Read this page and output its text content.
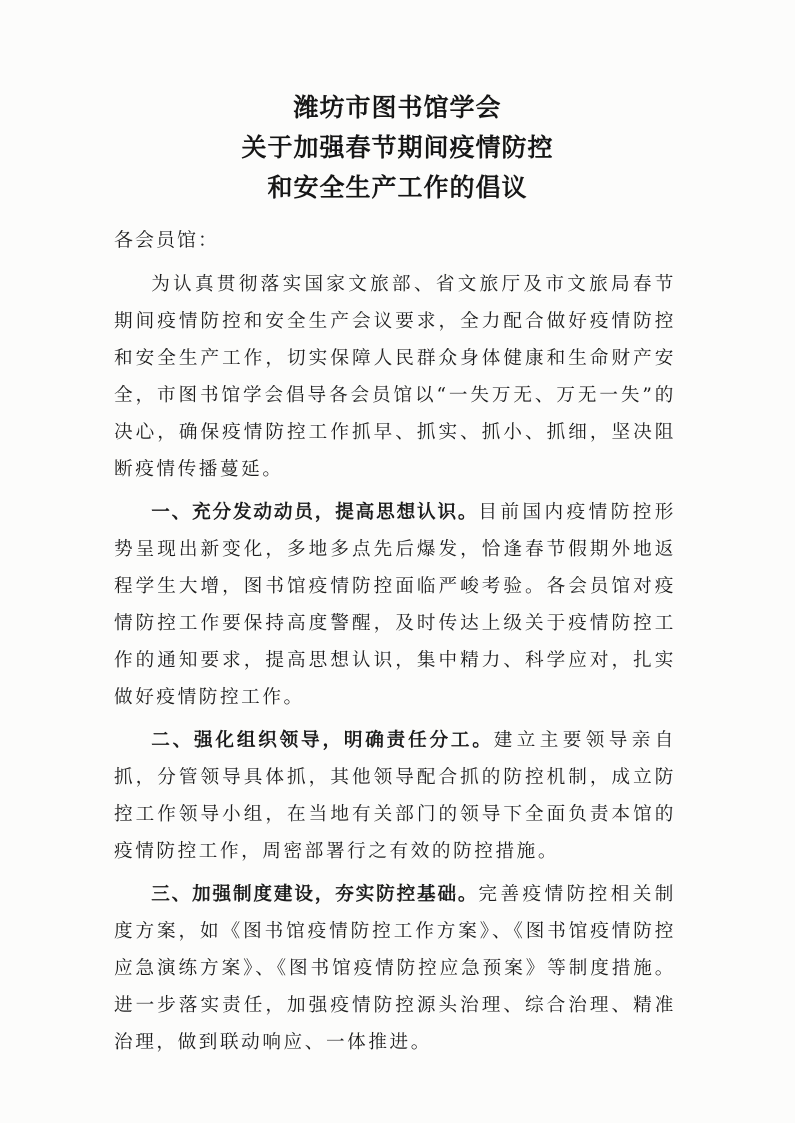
潍坊市图书馆学会
关于加强春节期间疫情防控
和安全生产工作的倡议
各会员馆：

为认真贯彻落实国家文旅部、省文旅厅及市文旅局春节期间疫情防控和安全生产会议要求，全力配合做好疫情防控和安全生产工作，切实保障人民群众身体健康和生命财产安全，市图书馆学会倡导各会员馆以“一失万无、万无一失”的决心，确保疫情防控工作抓早、抓实、抓小、抓细，坚决阻断疫情传播蔓延。

一、充分发动动员，提高思想认识。目前国内疫情防控形势呈现出新变化，多地多点先后爆发，恰逢春节假期外地返程学生大增，图书馆疫情防控面临严峻考验。各会员馆对疫情防控工作要保持高度警醒，及时传达上级关于疫情防控工作的通知要求，提高思想认识，集中精力、科学应对，扎实做好疫情防控工作。

二、强化组织领导，明确责任分工。建立主要领导亲自抓，分管领导具体抓，其他领导配合抓的防控机制，成立防控工作领导小组，在当地有关部门的领导下全面负责本馆的疫情防控工作，周密部署行之有效的防控措施。

三、加强制度建设，夯实防控基础。完善疫情防控相关制度方案，如《图书馆疫情防控工作方案》、《图书馆疫情防控应急演练方案》、《图书馆疫情防控应急预案》等制度措施。进一步落实责任，加强疫情防控源头治理、综合治理、精准治理，做到联动响应、一体推进。
